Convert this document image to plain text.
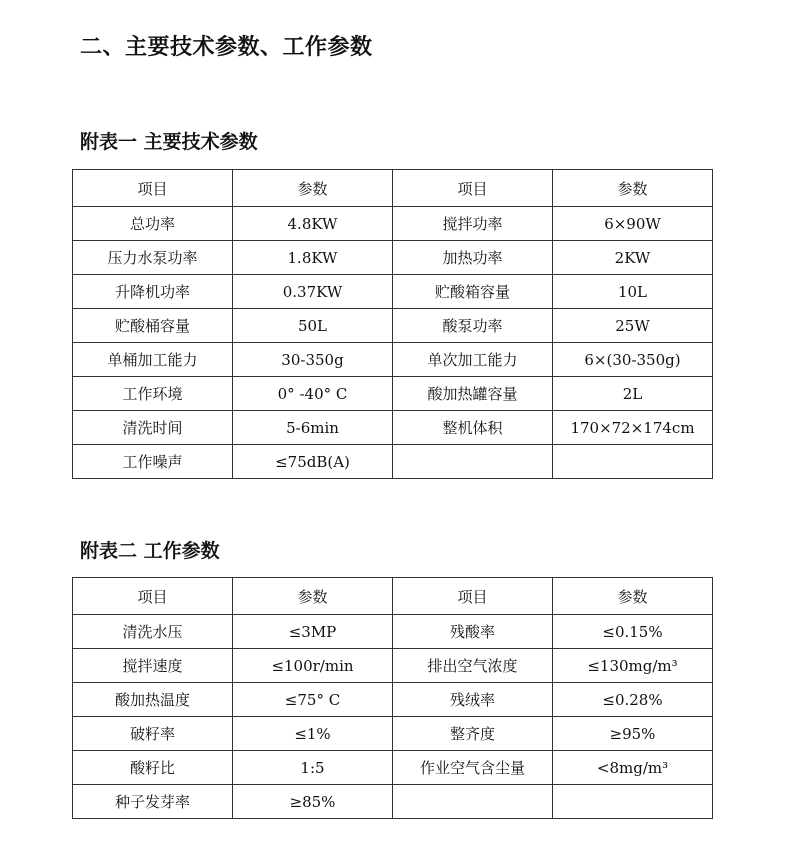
二、主要技术参数、工作参数
附表一 主要技术参数
项目	参数	项目	参数
总功率	4.8KW	搅拌功率	6×90W
压力水泵功率	1.8KW	加热功率	2KW
升降机功率	0.37KW	贮酸箱容量	10L
贮酸桶容量	50L	酸泵功率	25W
单桶加工能力	30-350g	单次加工能力	6×(30-350g)
工作环境	0° -40° C	酸加热罐容量	2L
清洗时间	5-6min	整机体积	170×72×174cm
工作噪声	≤75dB(A)		
附表二 工作参数
项目	参数	项目	参数
清洗水压	≤3MP	残酸率	≤0.15%
搅拌速度	≤100r/min	排出空气浓度	≤130mg/m³
酸加热温度	≤75° C	残绒率	≤0.28%
破籽率	≤1%	整齐度	≥95%
酸籽比	1:5	作业空气含尘量	<8mg/m³
种子发芽率	≥85%		
